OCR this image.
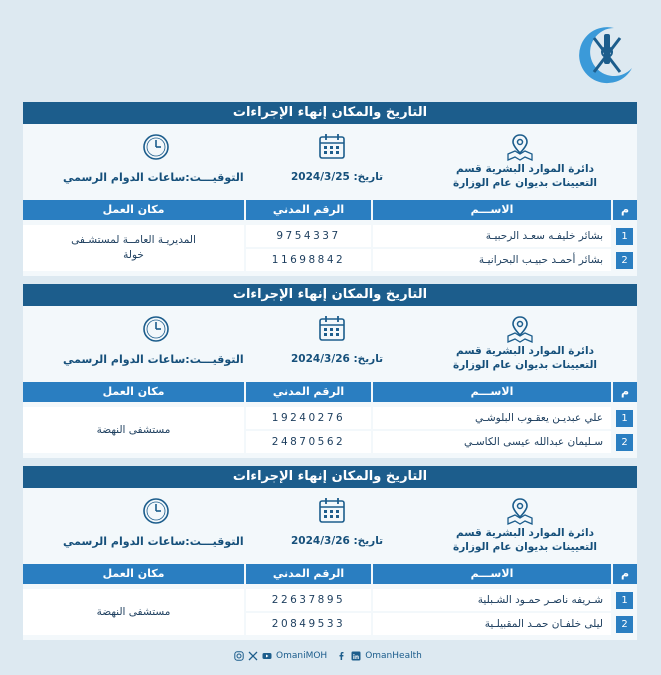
التاريخ والمكان إنهاء الإجراءات
دائرة الموارد البشرية قسم التعيينات بديوان عام الوزارة
تاريخ: 2024/3/25
التوقيـــت:ساعات الدوام الرسمي
م
الاســـم
الرقم المدني
مكان العمل
1
بشائر خليفـه سعـد الرحبيـة
9754337
2
بشائر أحمـد حبيـب البحرانيـة
11698842
المديريـة العامــة لمستشـفى خولة
التاريخ والمكان إنهاء الإجراءات
دائرة الموارد البشرية قسم التعيينات بديوان عام الوزارة
تاريخ: 2024/3/26
التوقيـــت:ساعات الدوام الرسمي
م
الاســـم
الرقم المدني
مكان العمل
1
علي عبديـن يعقـوب البلوشـي
19240276
2
سـليمان عبدالله عيسى الكاسـي
24870562
مستشفى النهضة
التاريخ والمكان إنهاء الإجراءات
دائرة الموارد البشرية قسم التعيينات بديوان عام الوزارة
تاريخ: 2024/3/26
التوقيـــت:ساعات الدوام الرسمي
م
الاســـم
الرقم المدني
مكان العمل
1
شـريفه ناصـر حمـود الشـبلية
22637895
2
ليلى خلفـان حمـد المقبيلـية
20849533
مستشفى النهضة
OmaniMOH	in OmanHealth
